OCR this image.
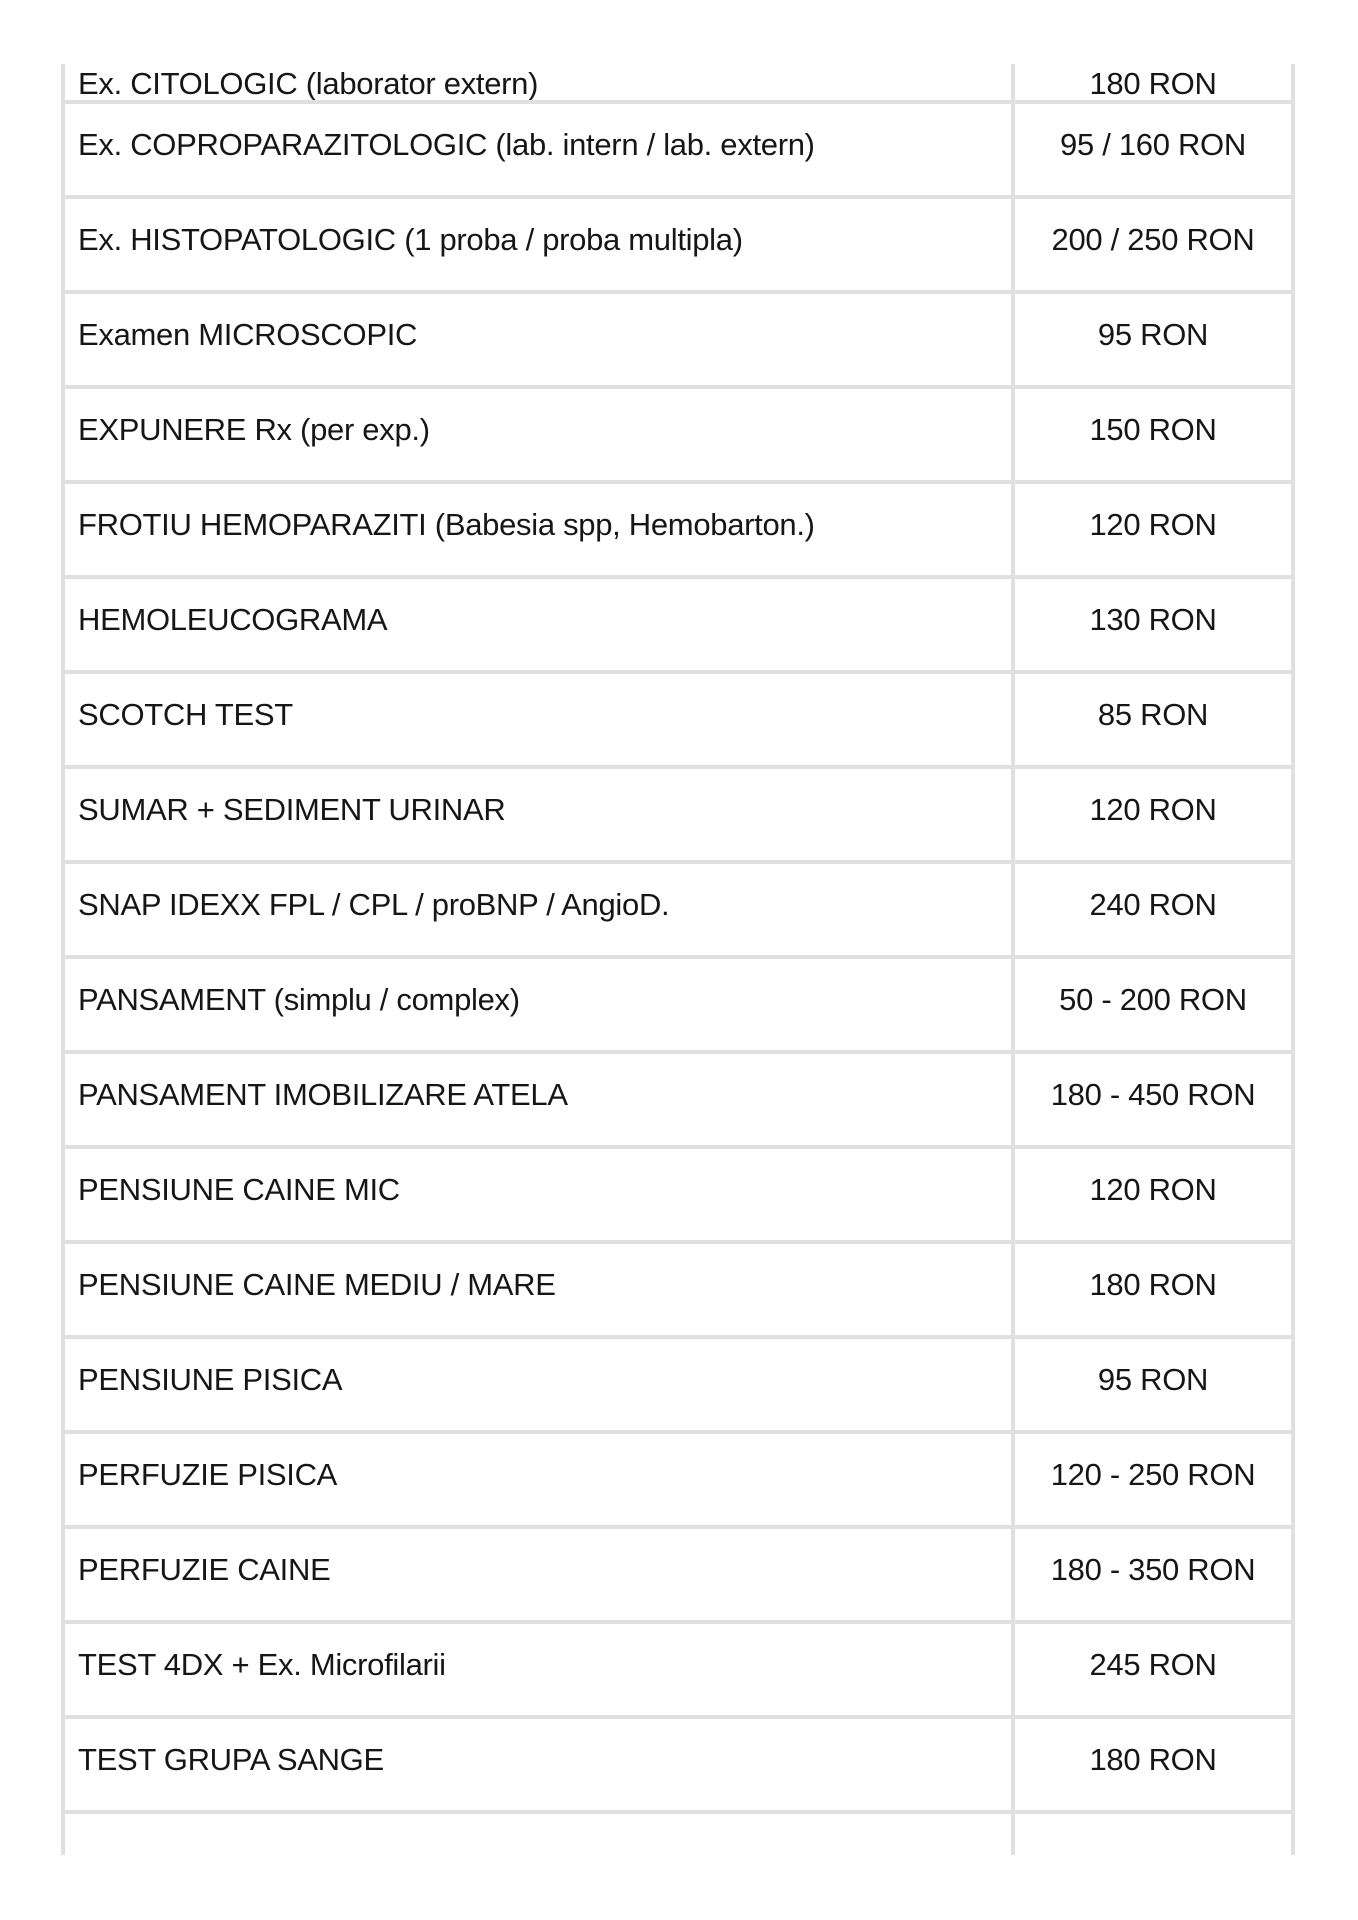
Ex. CITOLOGIC (laborator extern)	180 RON
Ex. COPROPARAZITOLOGIC (lab. intern / lab. extern)	95 / 160 RON
Ex. HISTOPATOLOGIC (1 proba / proba multipla)	200 / 250 RON
Examen MICROSCOPIC	95 RON
EXPUNERE Rx (per exp.)	150 RON
FROTIU HEMOPARAZITI (Babesia spp, Hemobarton.)	120 RON
HEMOLEUCOGRAMA	130 RON
SCOTCH TEST	85 RON
SUMAR + SEDIMENT URINAR	120 RON
SNAP IDEXX FPL / CPL / proBNP / AngioD.	240 RON
PANSAMENT (simplu / complex)	50 - 200 RON
PANSAMENT IMOBILIZARE ATELA	180 - 450 RON
PENSIUNE CAINE MIC	120 RON
PENSIUNE CAINE MEDIU / MARE	180 RON
PENSIUNE PISICA	95 RON
PERFUZIE PISICA	120 - 250 RON
PERFUZIE CAINE	180 - 350 RON
TEST 4DX + Ex. Microfilarii	245 RON
TEST GRUPA SANGE	180 RON
